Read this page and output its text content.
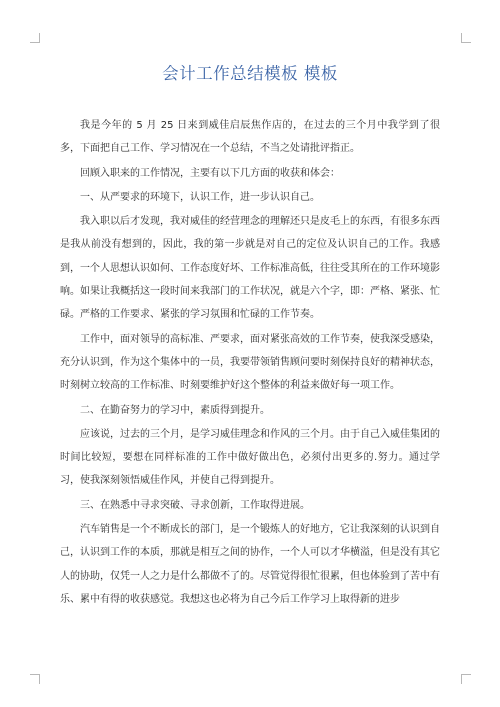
会计工作总结模板 模板

我是今年的 5 月 25 日来到威佳启辰焦作店的，在过去的三个月中我学到了很多，下面把自己工作、学习情况在一个总结，不当之处请批评指正。

回顾入职来的工作情况，主要有以下几方面的收获和体会：

一、从严要求的环境下，认识工作，进一步认识自己。

我入职以后才发现，我对威佳的经营理念的理解还只是皮毛上的东西，有很多东西是我从前没有想到的，因此，我的第一步就是对自己的定位及认识自己的工作。我感到，一个人思想认识如何、工作态度好坏、工作标准高低，往往受其所在的工作环境影响。如果让我概括这一段时间来我部门的工作状况，就是六个字，即：严格、紧张、忙碌。严格的工作要求、紧张的学习氛围和忙碌的工作节奏。

工作中，面对领导的高标准、严要求，面对紧张高效的工作节奏，使我深受感染，充分认识到，作为这个集体中的一员，我要带领销售顾问要时刻保持良好的精神状态，时刻树立较高的工作标准、时刻要维护好这个整体的利益来做好每一项工作。

二、在勤奋努力的学习中，素质得到提升。

应该说，过去的三个月，是学习威佳理念和作风的三个月。由于自己入威佳集团的时间比较短，要想在同样标准的工作中做好做出色，必须付出更多的.努力。通过学习，使我深刻领悟威佳作风，并使自己得到提升。

三、在熟悉中寻求突破、寻求创新，工作取得进展。

汽车销售是一个不断成长的部门，是一个锻炼人的好地方，它让我深刻的认识到自己，认识到工作的本质，那就是相互之间的协作，一个人可以才华横溢，但是没有其它人的协助，仅凭一人之力是什么都做不了的。尽管觉得很忙很累，但也体验到了苦中有乐、累中有得的收获感觉。我想这也必将为自己今后工作学习上取得新的进步
